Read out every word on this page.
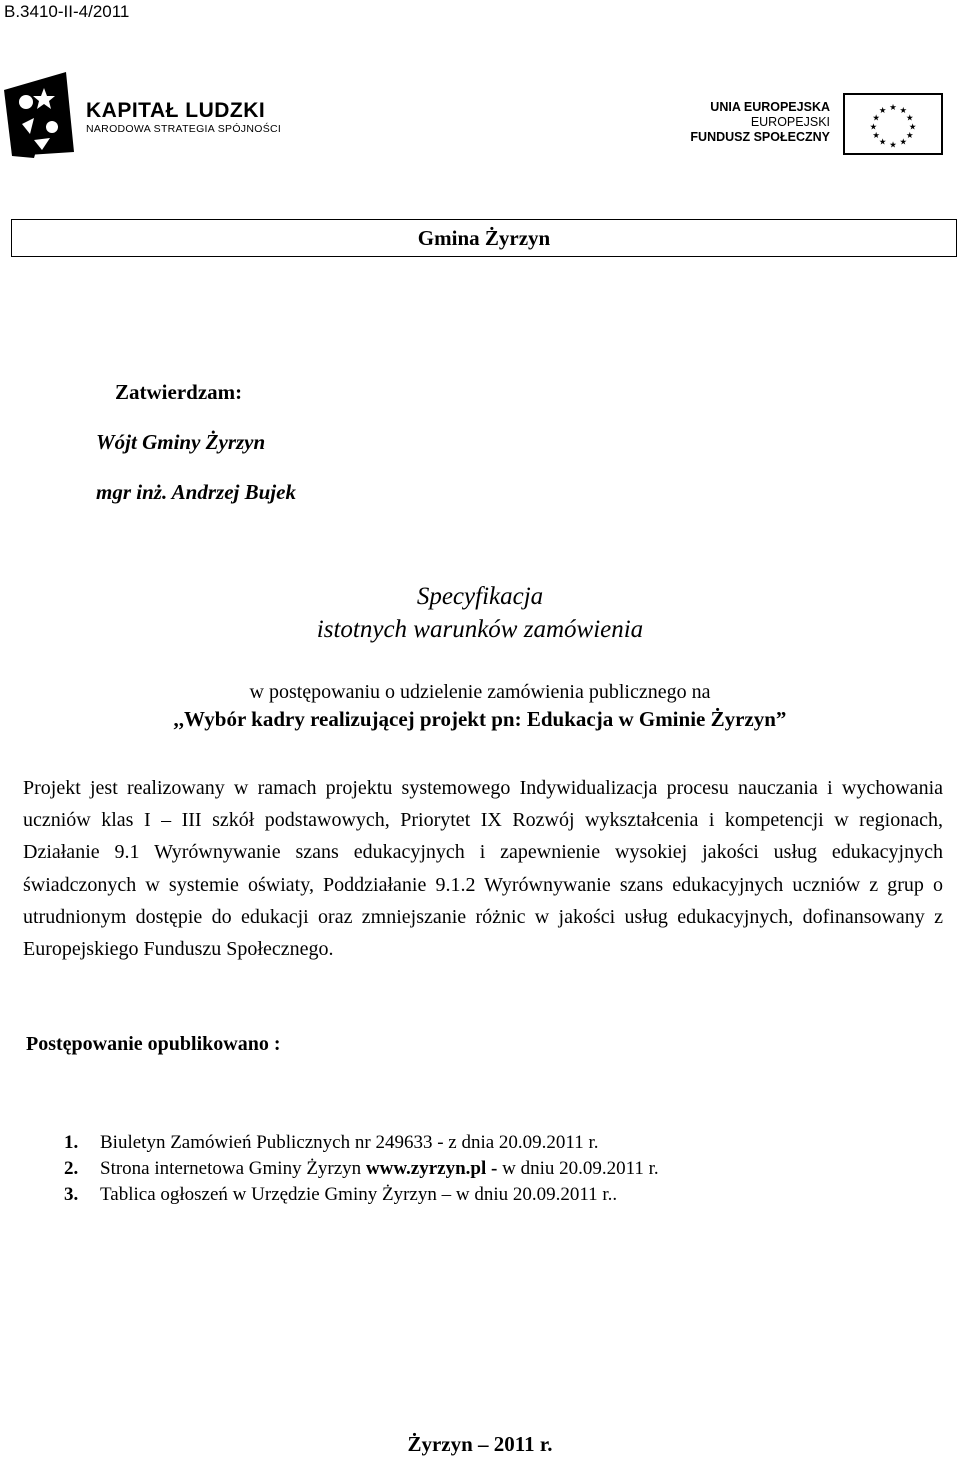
B.3410-II-4/2011
KAPITAŁ LUDZKI
NARODOWA STRATEGIA SPÓJNOŚCI
UNIA EUROPEJSKA
EUROPEJSKI
FUNDUSZ SPOŁECZNY
★ ★
★
★
★
★
★
★
★
★
★
★
Gmina Żyrzyn
Zatwierdzam:
Wójt Gminy Żyrzyn
mgr inż. Andrzej Bujek
Specyfikacja
istotnych warunków zamówienia
w postępowaniu o udzielenie zamówienia publicznego na
,,Wybór kadry realizującej projekt pn: Edukacja w Gminie Żyrzyn”
Projekt jest realizowany w ramach projektu systemowego Indywidualizacja procesu nauczania i wychowania uczniów klas I – III szkół podstawowych, Priorytet IX Rozwój wykształcenia i kompetencji w regionach, Działanie 9.1 Wyrównywanie szans edukacyjnych i zapewnienie wysokiej jakości usług edukacyjnych świadczonych w systemie oświaty, Poddziałanie 9.1.2 Wyrównywanie szans edukacyjnych uczniów z grup o utrudnionym dostępie do edukacji oraz zmniejszanie różnic w jakości usług edukacyjnych, dofinansowany z Europejskiego Funduszu Społecznego.
Postępowanie opublikowano :
1. Biuletyn Zamówień Publicznych nr 249633 - z dnia 20.09.2011 r.
2. Strona internetowa Gminy Żyrzyn www.zyrzyn.pl - w dniu 20.09.2011 r.
3. Tablica ogłoszeń w Urzędzie Gminy Żyrzyn – w dniu 20.09.2011 r..
Żyrzyn – 2011 r.
